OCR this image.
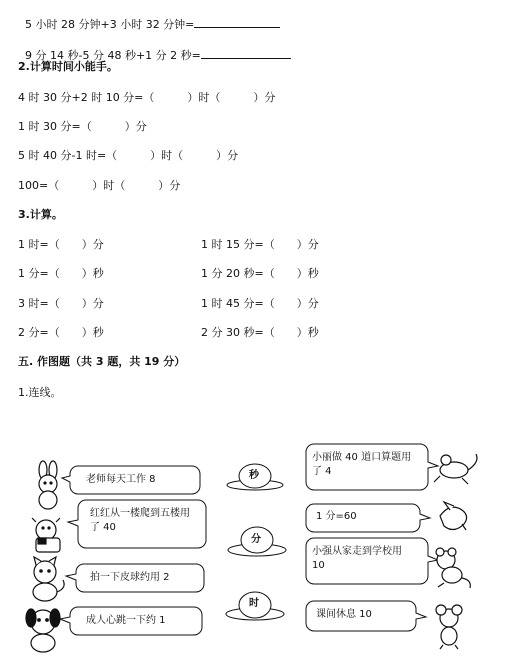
5 小时 28 分钟+3 小时 32 分钟=

9 分 14 秒-5 分 48 秒+1 分 2 秒=

2.计算时间小能手。
4 时 30 分+2 时 10 分=（　　　）时（　　　）分
1 时 30 分=（　　　）分
5 时 40 分-1 时=（　　　）时（　　　）分
100=（　　　）时（　　　）分
3.计算。
1 时=（　　）分	1 时 15 分=（　　）分
1 分=（　　）秒	1 分 20 秒=（　　）秒
3 时=（　　）分	1 时 45 分=（　　）分
2 分=（　　）秒	2 分 30 秒=（　　）秒
五. 作图题（共 3 题，共 19 分）
1.连线。
老师每天工作 8
红红从一楼爬到五楼用
了 40
拍一下皮球约用 2
成人心跳一下约 1
小丽做 40 道口算题用
了 4
1 分=60
小强从家走到学校用
10
课间休息 10
秒
分
时
